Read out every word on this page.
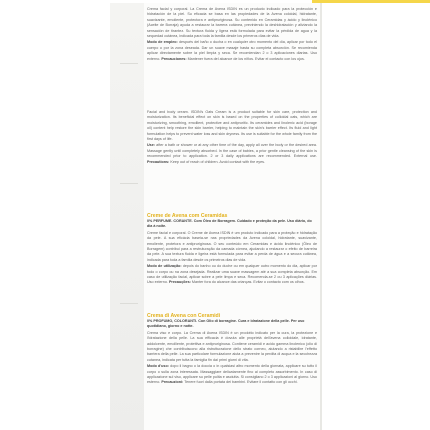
Crema facial y corporal. La Crema de Avena ISDIN es un producto indicado para la protección e hidratación de la piel. Su eficacia se basa en las propiedades de la Avena coloidal, hidratante, suavizante, emoliente, protectora e antipruriginosa. Su contenido en Ceramidas y ácido y linolénico (Aceite de Borraja) ayuda a restaurar la barrera cutánea, previniendo la deshidratación y aliviando la sensación de tirantez. Su textura fluida y ligera está formulada para evitar la pérdida de agua y la sequedad cutánea, indicada para toda la familia desde los primeros días de vida.
Modo de empleo: después del baño o ducha o en cualquier otro momento del día, aplicar por todo el cuerpo o por la zona deseada. Dar un suave masaje hasta su completa absorción. Se recomienda aplicar directamente sobre la piel limpia y seca. Se recomiendan 2 o 3 aplicaciones diarias. Uso externo. Precauciones: Mantener fuera del alcance de los niños. Evitar el contacto con los ojos.
Facial and body cream. ISDIN's Oats Cream is a product suitable for skin care, protection and moisturization. Its beneficial effect on skin is based on the properties of colloidal oats, which are moisturizing, smoothing, emollient, protective and antipruritic. Its ceramides and linolenic acid (borage oil) content help restore the skin barrier, helping to maintain the skin's barrier effect. Its fluid and light formulation helps to prevent water loss and skin dryness. Its use is suitable for the whole family from the first days of life.
Use: after a bath or shower or at any other time of the day, apply all over the body or the desired area. Massage gently until completely absorbed. In the case of babies, a prior gentle cleansing of the skin is recommended prior to application. 2 or 3 daily applications are recommended. External use. Precautions: Keep out of reach of children. Avoid contact with the eyes.
Creme de Avena com Ceramidas
0% PERFUME. CORANTE. Com Óleo de Borragem. Cuidado e proteção da pele. Uso diário, do dia à noite.
Creme facial e corporal. O Creme de Avena ISDIN é um produto indicado para a proteção e hidratação da pele. A sua eficácia baseia-se nas propriedades da Avena coloidal, hidratante, suavizante, emoliente, protetora e antipruriginosa. O seu conteúdo em Ceramidas e ácido linolénico (Óleo de Borragem) contribui para a restruturação da camada córnea, ajudando a restaurar o efeito de barreira da pele. A sua textura fluida e ligeira está formulada para evitar a perda de água e a secura cutânea, indicada para toda a família desde os primeiros dias de vida.
Modo de utilização: depois do banho ou do duche ou em qualquer outro momento do dia, aplicar por todo o corpo ou na zona desejada. Realizar uma suave massagem até a sua completa absorção. Em caso de utilização facial, aplicar sobre a pele limpa e seca. Recomenda-se 2 ou 3 aplicações diárias. Uso externo. Precauções: Manter fora do alcance das crianças. Evitar o contacto com os olhos.
Crema di Avena con Ceramidi
0% PROFUMO, COLORANTI. Con Olio di borragine. Cura e idratazione della pelle. Per uso quotidiano, giorno e notte.
Crema viso e corpo. La Crema di Avena ISDIN è un prodotto indicato per la cura, la protezione e l'idratazione della pelle. La sua efficacia è dovuta alle proprietà dell'avena colloidale, idratante, addolcente, emolliente, protettiva e antipruriginosa. Contiene ceramidi e acido gamma linolenico (olio di borragine) che contribuiscono alla ristrutturazione dello strato corneo, aiutando a ristabilire l'effetto barriera della pelle. La sua particolare formulazione aiuta a prevenire la perdita di acqua e la secchezza cutanea, indicata per tutta la famiglia fin dai primi giorni di vita.
Modo d'uso: dopo il bagno o la doccia o in qualsiasi altro momento della giornata, applicare su tutto il corpo o sulla zona interessata. Massaggiare delicatamente fino al completo assorbimento. In caso di applicazione sul viso, applicare su pelle pulita e asciutta. Si consigliano 2 o 3 applicazioni al giorno. Uso esterno. Precauzioni: Tenere fuori dalla portata dei bambini. Evitare il contatto con gli occhi.
